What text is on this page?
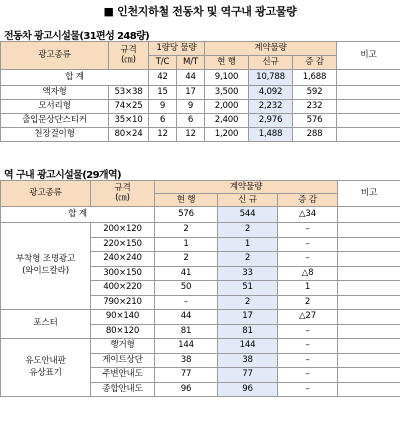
■ 인천지하철 전동차 및 역구내 광고물량
전동차 광고시설물(31편성 248량)
광고종류	규격
(㎝)	1량당 물량		계약물량			비고
		T/C	M/T	현 행	신규	증 감	
합 계		42	44	9,100	10,788	1,688	
액자형	53×38	15	17	3,500	4,092	592	
모서리형	74×25	9	9	2,000	2,232	232	
출입문상단스티커	35×10	6	6	2,400	2,976	576	
천장걸이형	80×24	12	12	1,200	1,488	288	
역 구내 광고시설물(29개역)
광고종류	규격
(㎝)	계약물량			비고
		현 행	신 규	증 감	
합 계		576	544	△34	

부착형 조명광고
(와이드칼라)	200×120	2	2	–	
	220×150	1	1	–	
	240×240	2	2	–	
	300×150	41	33	△8	
	400×220	50	51	1	
	790×210	–	2	2	

포스터	90×140	44	17	△27	
	80×120	81	81	–	

유도안내판
유상표기	행거형	144	144	–	
	게이트상단	38	38	–	
	주변안내도	77	77	–	
	종합안내도	96	96	–	
